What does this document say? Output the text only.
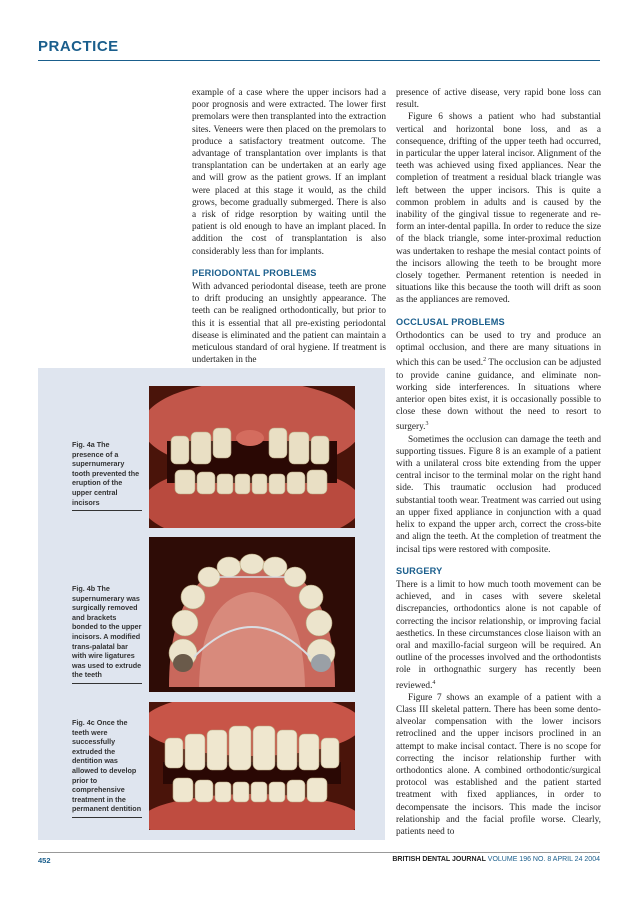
PRACTICE

example of a case where the upper incisors had a poor prognosis and were extracted. The lower first premolars were then transplanted into the extraction sites. Veneers were then placed on the premolars to produce a satisfactory treatment outcome. The advantage of transplantation over implants is that transplantation can be undertaken at an early age and will grow as the patient grows. If an implant were placed at this stage it would, as the child grows, become gradually submerged. There is also a risk of ridge resorption by waiting until the patient is old enough to have an implant placed. In addition the cost of transplantation is also considerably less than for implants.

PERIODONTAL PROBLEMS

With advanced periodontal disease, teeth are prone to drift producing an unsightly appearance. The teeth can be realigned orthodontically, but prior to this it is essential that all pre-existing periodontal disease is eliminated and the patient can maintain a meticulous standard of oral hygiene. If treatment is undertaken in the

presence of active disease, very rapid bone loss can result.

Figure 6 shows a patient who had substantial vertical and horizontal bone loss, and as a consequence, drifting of the upper teeth had occurred, in particular the upper lateral incisor. Alignment of the teeth was achieved using fixed appliances. Near the completion of treatment a residual black triangle was left between the upper incisors. This is quite a common problem in adults and is caused by the inability of the gingival tissue to regenerate and re-form an inter-dental papilla. In order to reduce the size of the black triangle, some inter-proximal reduction was undertaken to reshape the mesial contact points of the incisors allowing the teeth to be brought more closely together. Permanent retention is needed in situations like this because the tooth will drift as soon as the appliances are removed.

OCCLUSAL PROBLEMS

Orthodontics can be used to try and produce an optimal occlusion, and there are many situations in which this can be used.$^2$ The occlusion can be adjusted to provide canine guidance, and eliminate non-working side interferences. In situations where anterior open bites exist, it is occasionally possible to close these down without the need to resort to surgery.$^3$

Sometimes the occlusion can damage the teeth and supporting tissues. Figure 8 is an example of a patient with a unilateral cross bite extending from the upper central incisor to the terminal molar on the right hand side. This traumatic occlusion had produced substantial tooth wear. Treatment was carried out using an upper fixed appliance in conjunction with a quad helix to expand the upper arch, correct the cross-bite and align the teeth. At the completion of treatment the incisal tips were restored with composite.

SURGERY

There is a limit to how much tooth movement can be achieved, and in cases with severe skeletal discrepancies, orthodontics alone is not capable of correcting the incisor relationship, or improving facial aesthetics. In these circumstances close liaison with an oral and maxillo-facial surgeon will be required. An outline of the processes involved and the orthodontists role in orthognathic surgery has recently been reviewed.$^4$

Figure 7 shows an example of a patient with a Class III skeletal pattern. There has been some dento-alveolar compensation with the lower incisors retroclined and the upper incisors proclined in an attempt to make incisal contact. There is no scope for correcting the incisor relationship further with orthodontics alone. A combined orthodontic/surgical protocol was established and the patient started treatment with fixed appliances, in order to decompensate the incisors. This made the incisor relationship and the facial profile worse. Clearly, patients need to

Fig. 4a The presence of a supernumerary tooth prevented the eruption of the upper central incisors
Fig. 4b The supernumerary was surgically removed and brackets bonded to the upper incisors. A modified trans-palatal bar with wire ligatures was used to extrude the teeth
Fig. 4c Once the teeth were successfully extruded the dentition was allowed to develop prior to comprehensive treatment in the permanent dentition
452	BRITISH DENTAL JOURNAL VOLUME 196 NO. 8 APRIL 24 2004
